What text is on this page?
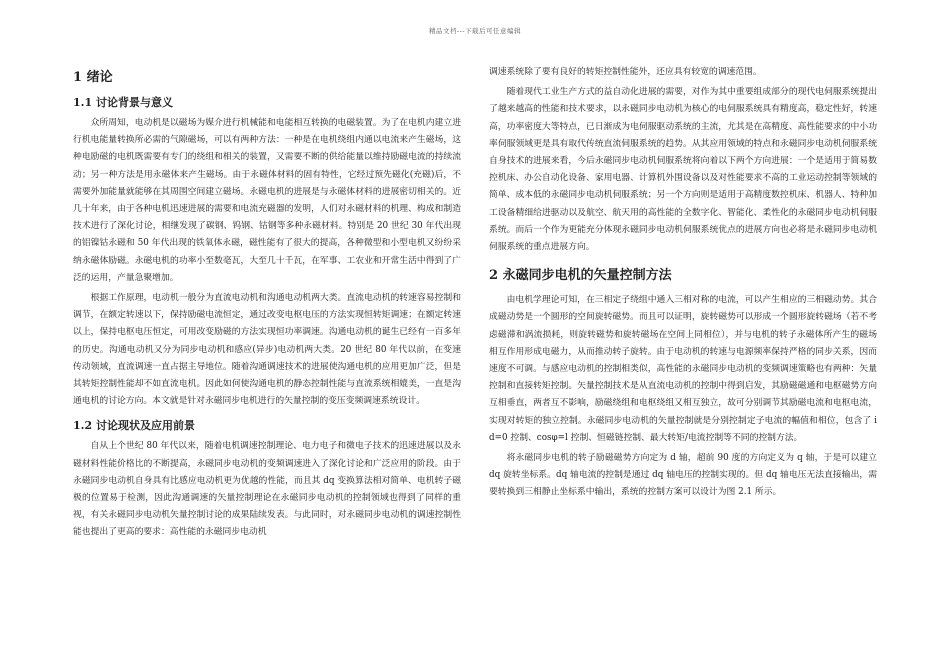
精品文档---下载后可任意编辑
1 绪论
1.1 讨论背景与意义

众所周知，电动机是以磁场为媒介进行机械能和电能相互转换的电磁装置。为了在电机内建立进行机电能量转换所必需的气隙磁场，可以有两种方法：一种是在电机绕组内通以电流来产生磁场，这种电励磁的电机既需要有专门的绕组和相关的装置，又需要不断的供给能量以维持励磁电流的持续流动；另一种方法是用永磁体来产生磁场。由于永磁体材料的固有特性，它经过预先磁化(充磁)后，不需要外加能量就能够在其周围空间建立磁场。永磁电机的进展是与永磁体材料的进展密切相关的。近几十年来，由于各种电机迅速进展的需要和电流充磁器的发明，人们对永磁材料的机理、构成和制造技术进行了深化讨论，相继发现了碳钢、钨钢、钴钢等多种永磁材料。特别是 20 世纪 30 年代出现的铝镍钴永磁和 50 年代出现的铁氧体永磁，磁性能有了很大的提高，各种微型和小型电机又纷纷采纳永磁体励磁。永磁电机的功率小至数毫瓦，大至几十千瓦，在军事、工农业和开常生活中得到了广泛的运用，产量急聚增加。

根据工作原理，电动机一般分为直流电动机和沟通电动机两大类。直流电动机的转速容易控制和调节，在额定转速以下，保持励磁电流恒定，通过改变电枢电压的方法实现恒转矩调速；在额定转速以上，保持电枢电压恒定，可用改变励磁的方法实现恒功率调速。沟通电动机的诞生已经有一百多年的历史。沟通电动机又分为同步电动机和感应(异步)电动机两大类。20 世纪 80 年代以前，在变速传动领域，直流调速一直占据主导地位。随着沟通调速技术的进展使沟通电机的应用更加广泛，但是其转矩控制性能却不如直流电机。因此如何使沟通电机的静态控制性能与直流系统相媲美，一直是沟通电机的讨论方向。本文就是针对永磁同步电机进行的矢量控制的变压变频调速系统设计。

1.2 讨论现状及应用前景

自从上个世纪 80 年代以来，随着电机调速控制理论、电力电子和微电子技术的迅速进展以及永磁材料性能价格比的不断提高，永磁同步电动机的变频调速进入了深化讨论和广泛应用的阶段。由于永磁同步电动机自身具有比感应电动机更为优越的性能，而且其 dq 变换算法相对简单、电机转子磁极的位置易于检测，因此沟通调速的矢量控制理论在永磁同步电动机的控制领域也得到了同样的重视，有关永磁同步电动机矢量控制讨论的成果陆续发表。与此同时，对永磁同步电动机的调速控制性能也提出了更高的要求：高性能的永磁同步电动机

调速系统除了要有良好的转矩控制性能外，还应具有较宽的调速范围。

随着现代工业生产方式的益自动化进展的需要，对作为其中重要组成部分的现代电伺服系统提出了越来越高的性能和技术要求，以永磁同步电动机为核心的电伺服系统具有精度高，稳定性好，转速高，功率密度大等特点，已日渐成为电伺服驱动系统的主流，尤其是在高精度、高性能要求的中小功率伺服领域更是具有取代传统直流伺服系统的趋势。从其应用领域的特点和永磁同步电动机伺服系统自身技术的进展来看，今后永磁同步电动机伺服系统将向着以下两个方向进展：一个是适用于简易数控机床、办公自动化设备、家用电器、计算机外围设备以及对性能要求不高的工业运动控制等领域的简单、成本低的永磁同步电动机伺服系统；另一个方向则是适用于高精度数控机床、机器人、特种加工设备精细给进驱动以及航空、航天用的高性能的全数字化、智能化、柔性化的永磁同步电动机伺服系统。而后一个作为更能充分体现永磁同步电动机伺服系统优点的进展方向也必将是永磁同步电动机伺服系统的重点进展方向。

2 永磁同步电机的矢量控制方法

由电机学理论可知，在三相定子绕组中通入三相对称的电流，可以产生相应的三相磁动势。其合成磁动势是一个圆形的空间旋转磁势。而且可以证明，旋转磁势可以形成一个圆形旋转磁场（若不考虑磁滞和涡流损耗，则旋转磁势和旋转磁场在空间上同相位），并与电机的转子永磁体所产生的磁场相互作用形成电磁力，从而推动转子旋转。由于电动机的转速与电源频率保持严格的同步关系，因而速度不可调。与感应电动机的控制相类似，高性能的永磁同步电动机的变频调速策略也有两种：矢量控制和直接转矩控制。矢量控制技术是从直流电动机的控制中得到启发，其励磁磁通和电枢磁势方向互相垂直，两者互不影响，励磁绕组和电枢绕组又相互独立，故可分别调节其励磁电流和电枢电流，实现对转矩的独立控制。永磁同步电动机的矢量控制就是分别控制定子电流的幅值和相位，包含了 id=0 控制、cosφ=l 控制、恒磁链控制、最大转矩/电流控制等不同的控制方法。

将永磁同步电机的转子励磁磁势方向定为 d 轴，超前 90 度的方向定义为 q 轴，于是可以建立 dq 旋转坐标系。dq 轴电流的控制是通过 dq 轴电压的控制实现的。但 dq 轴电压无法直接输出，需要转换到三相静止坐标系中输出，系统的控制方案可以设计为图 2.1 所示。
